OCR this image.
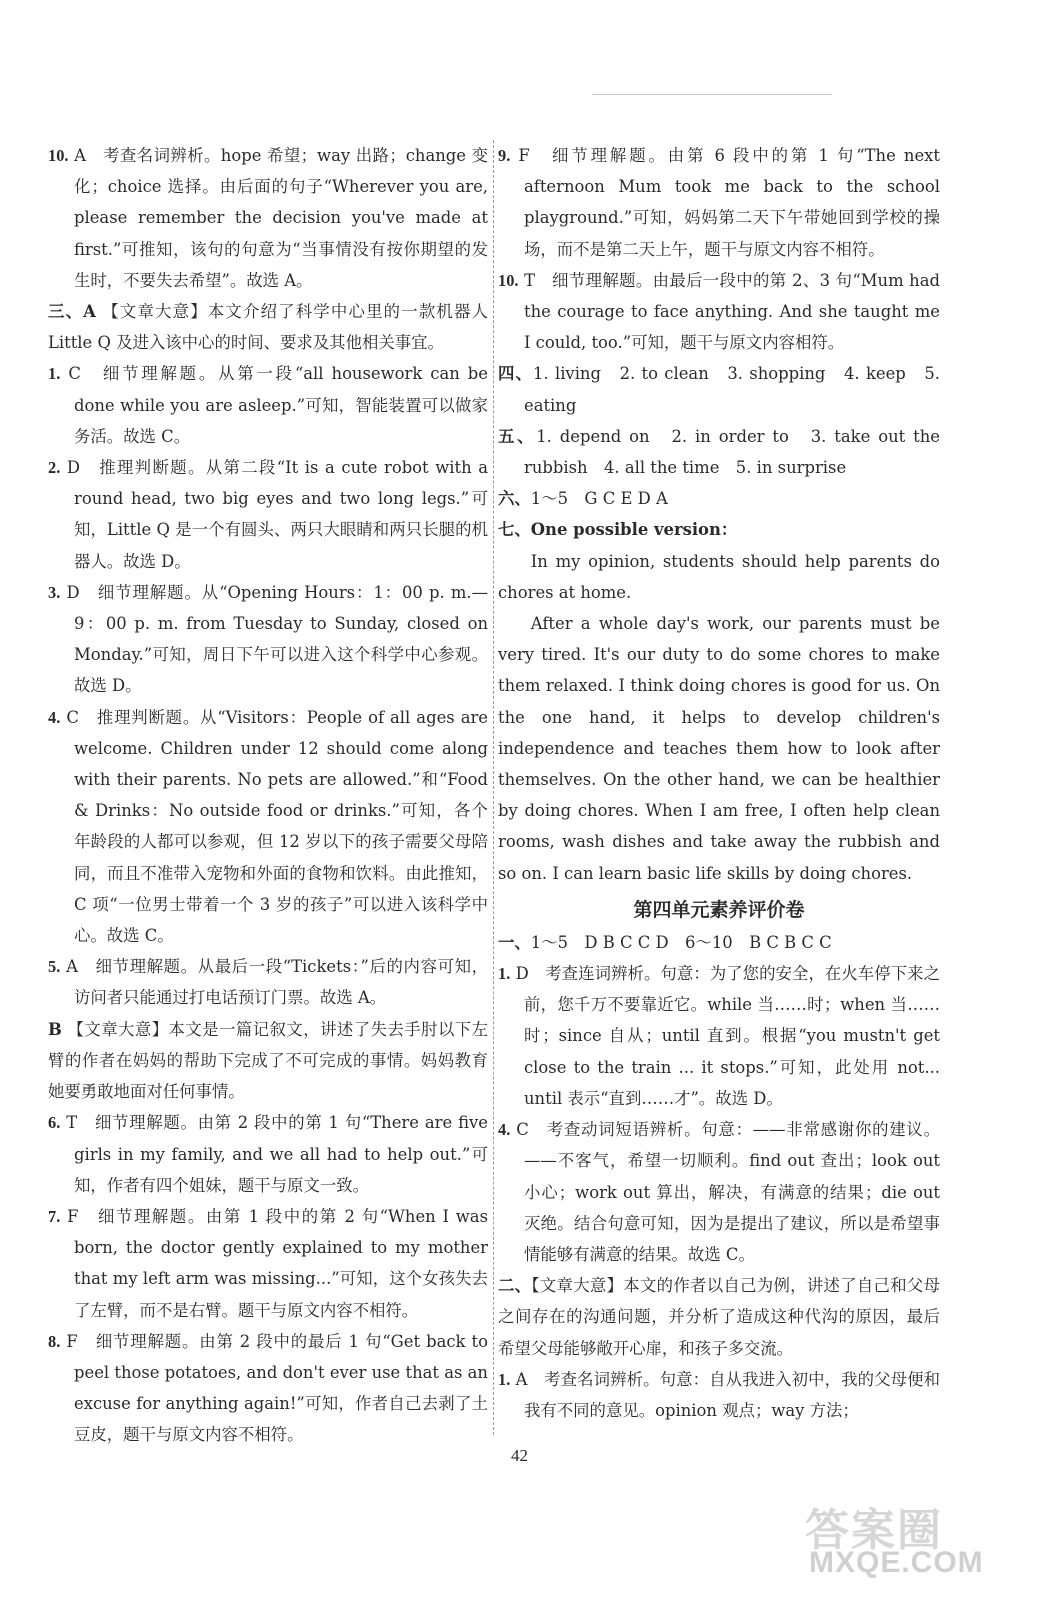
10. A　考查名词辨析。hope 希望；way 出路；change 变化；choice 选择。由后面的句子“Wherever you are, please remember the decision you've made at first.”可推知，该句的句意为“当事情没有按你期望的发生时，不要失去希望”。故选 A。

三、A 【文章大意】本文介绍了科学中心里的一款机器人 Little Q 及进入该中心的时间、要求及其他相关事宜。

1. C　细节理解题。从第一段“all housework can be done while you are asleep.”可知，智能装置可以做家务活。故选 C。

2. D　推理判断题。从第二段“It is a cute robot with a round head, two big eyes and two long legs.”可知，Little Q 是一个有圆头、两只大眼睛和两只长腿的机器人。故选 D。

3. D　细节理解题。从“Opening Hours：1：00 p. m.—9：00 p. m. from Tuesday to Sunday, closed on Monday.”可知，周日下午可以进入这个科学中心参观。故选 D。

4. C　推理判断题。从“Visitors：People of all ages are welcome. Children under 12 should come along with their parents. No pets are allowed.”和“Food & Drinks：No outside food or drinks.”可知，各个年龄段的人都可以参观，但 12 岁以下的孩子需要父母陪同，而且不准带入宠物和外面的食物和饮料。由此推知，C 项“一位男士带着一个 3 岁的孩子”可以进入该科学中心。故选 C。

5. A　细节理解题。从最后一段“Tickets：”后的内容可知，访问者只能通过打电话预订门票。故选 A。

B 【文章大意】本文是一篇记叙文，讲述了失去手肘以下左臂的作者在妈妈的帮助下完成了不可完成的事情。妈妈教育她要勇敢地面对任何事情。

6. T　细节理解题。由第 2 段中的第 1 句“There are five girls in my family, and we all had to help out.”可知，作者有四个姐妹，题干与原文一致。

7. F　细节理解题。由第 1 段中的第 2 句“When I was born, the doctor gently explained to my mother that my left arm was missing...”可知，这个女孩失去了左臂，而不是右臂。题干与原文内容不相符。

8. F　细节理解题。由第 2 段中的最后 1 句“Get back to peel those potatoes, and don't ever use that as an excuse for anything again!”可知，作者自己去剥了土豆皮，题干与原文内容不相符。

9. F　细节理解题。由第 6 段中的第 1 句“The next afternoon Mum took me back to the school playground.”可知，妈妈第二天下午带她回到学校的操场，而不是第二天上午，题干与原文内容不相符。

10. T　细节理解题。由最后一段中的第 2、3 句“Mum had the courage to face anything. And she taught me I could, too.”可知，题干与原文内容相符。

四、1. living　2. to clean　3. shopping　4. keep　5. eating

五、1. depend on　2. in order to　3. take out the rubbish　4. all the time　5. in surprise

六、1～5　G C E D A

七、One possible version：

In my opinion, students should help parents do chores at home.

After a whole day's work, our parents must be very tired. It's our duty to do some chores to make them relaxed. I think doing chores is good for us. On the one hand, it helps to develop children's independence and teaches them how to look after themselves. On the other hand, we can be healthier by doing chores. When I am free, I often help clean rooms, wash dishes and take away the rubbish and so on. I can learn basic life skills by doing chores.

第四单元素养评价卷

一、1～5　D B C C D　6～10　B C B C C

1. D　考查连词辨析。句意：为了您的安全，在火车停下来之前，您千万不要靠近它。while 当……时；when 当……时；since 自从；until 直到。根据“you mustn't get close to the train ... it stops.”可知，此处用 not... until 表示“直到……才”。故选 D。

4. C　考查动词短语辨析。句意：——非常感谢你的建议。——不客气，希望一切顺利。find out 查出；look out 小心；work out 算出，解决，有满意的结果；die out 灭绝。结合句意可知，因为是提出了建议，所以是希望事情能够有满意的结果。故选 C。

二、【文章大意】本文的作者以自己为例，讲述了自己和父母之间存在的沟通问题，并分析了造成这种代沟的原因，最后希望父母能够敞开心扉，和孩子多交流。

1. A　考查名词辨析。句意：自从我进入初中，我的父母便和我有不同的意见。opinion 观点；way 方法；

42
答案圈
MXQE.COM
